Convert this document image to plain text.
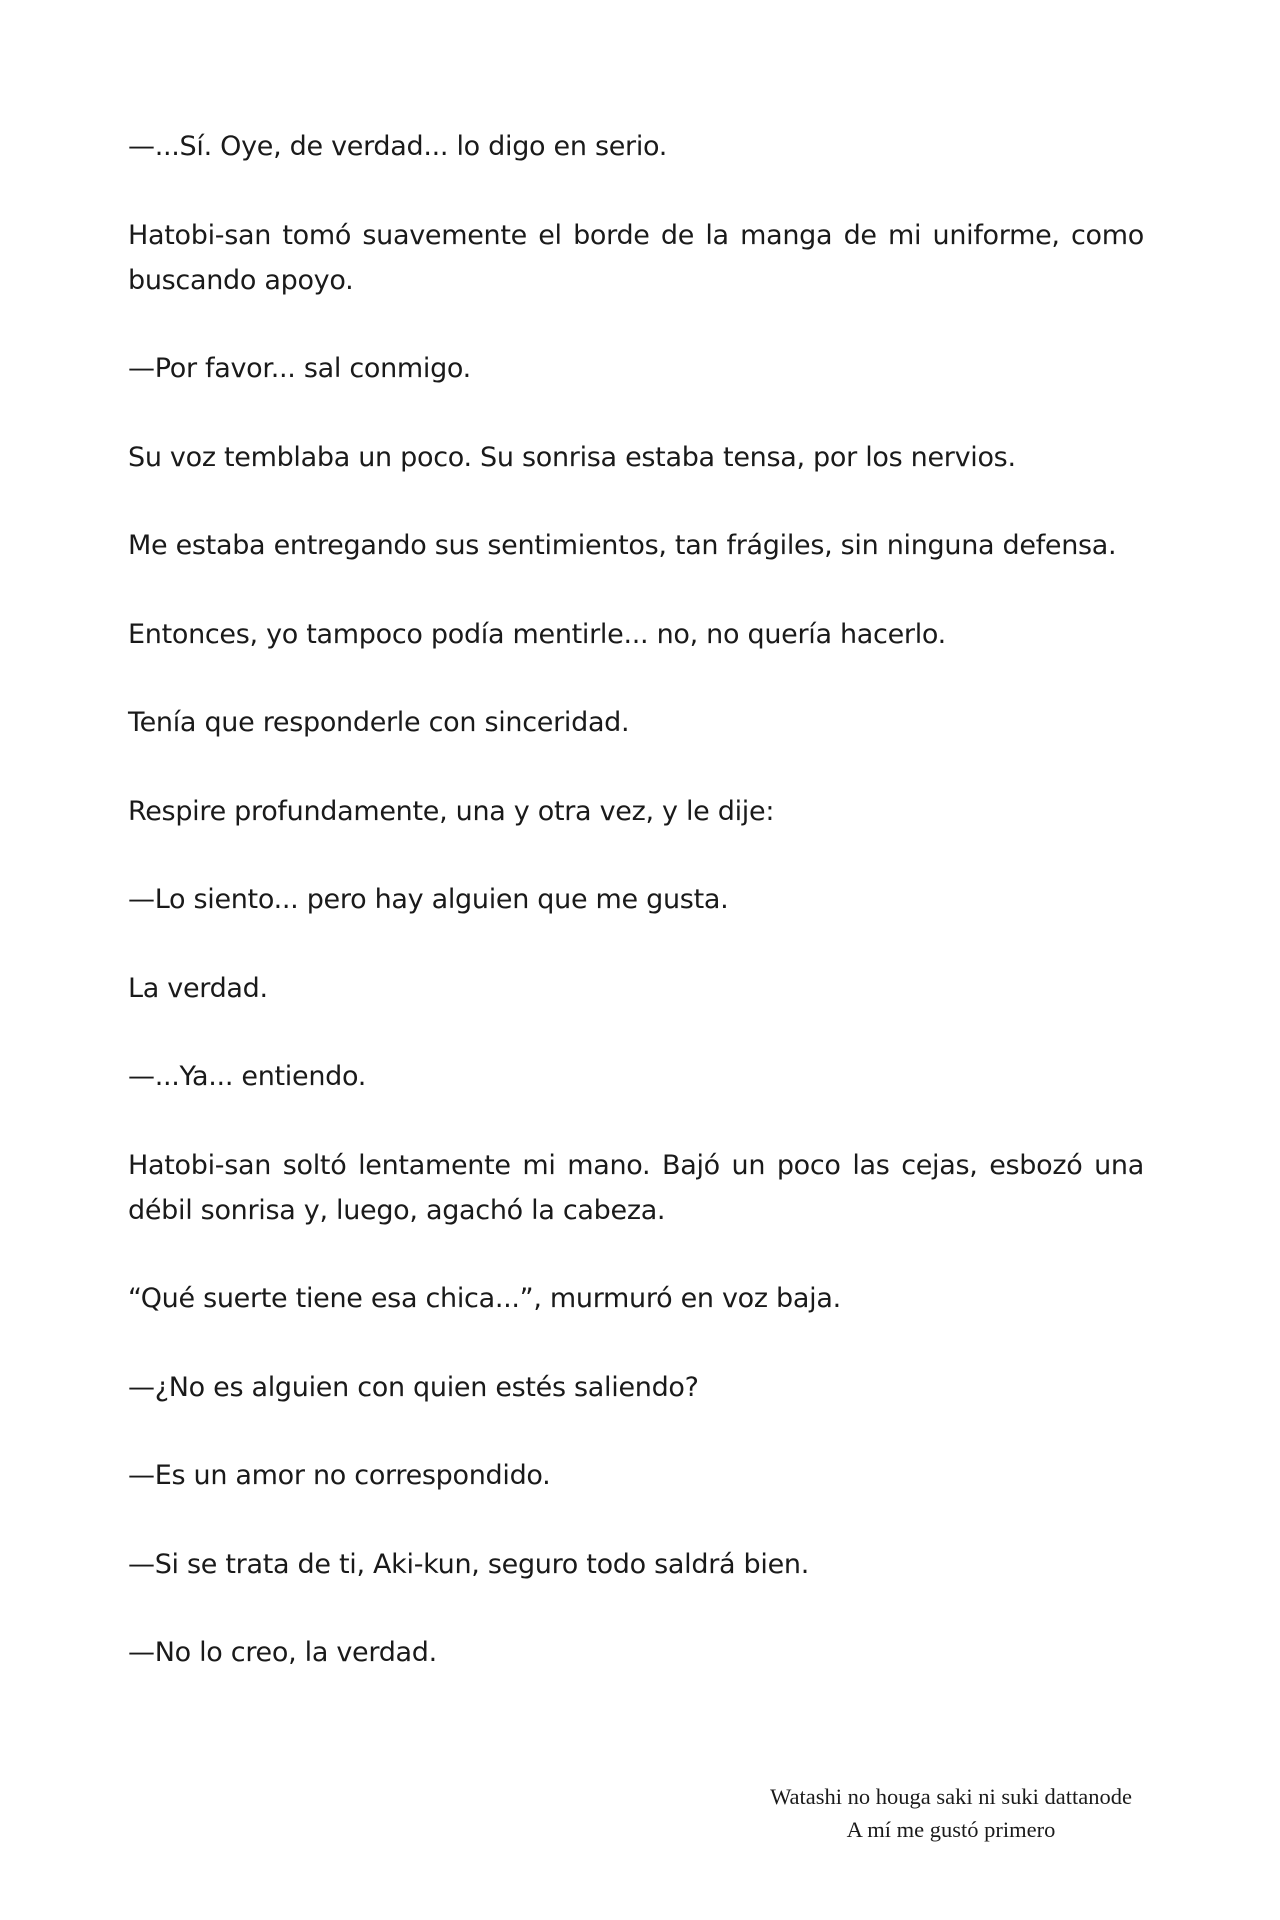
—...Sí. Oye, de verdad... lo digo en serio.

Hatobi-san tomó suavemente el borde de la manga de mi uniforme, como buscando apoyo.

—Por favor... sal conmigo.

Su voz temblaba un poco. Su sonrisa estaba tensa, por los nervios.

Me estaba entregando sus sentimientos, tan frágiles, sin ninguna defensa.

Entonces, yo tampoco podía mentirle... no, no quería hacerlo.

Tenía que responderle con sinceridad.

Respire profundamente, una y otra vez, y le dije:

—Lo siento... pero hay alguien que me gusta.

La verdad.

—...Ya... entiendo.

Hatobi-san soltó lentamente mi mano. Bajó un poco las cejas, esbozó una débil sonrisa y, luego, agachó la cabeza.

“Qué suerte tiene esa chica...”, murmuró en voz baja.

—¿No es alguien con quien estés saliendo?

—Es un amor no correspondido.

—Si se trata de ti, Aki-kun, seguro todo saldrá bien.

—No lo creo, la verdad.

Watashi no houga saki ni suki dattanode
A mí me gustó primero
